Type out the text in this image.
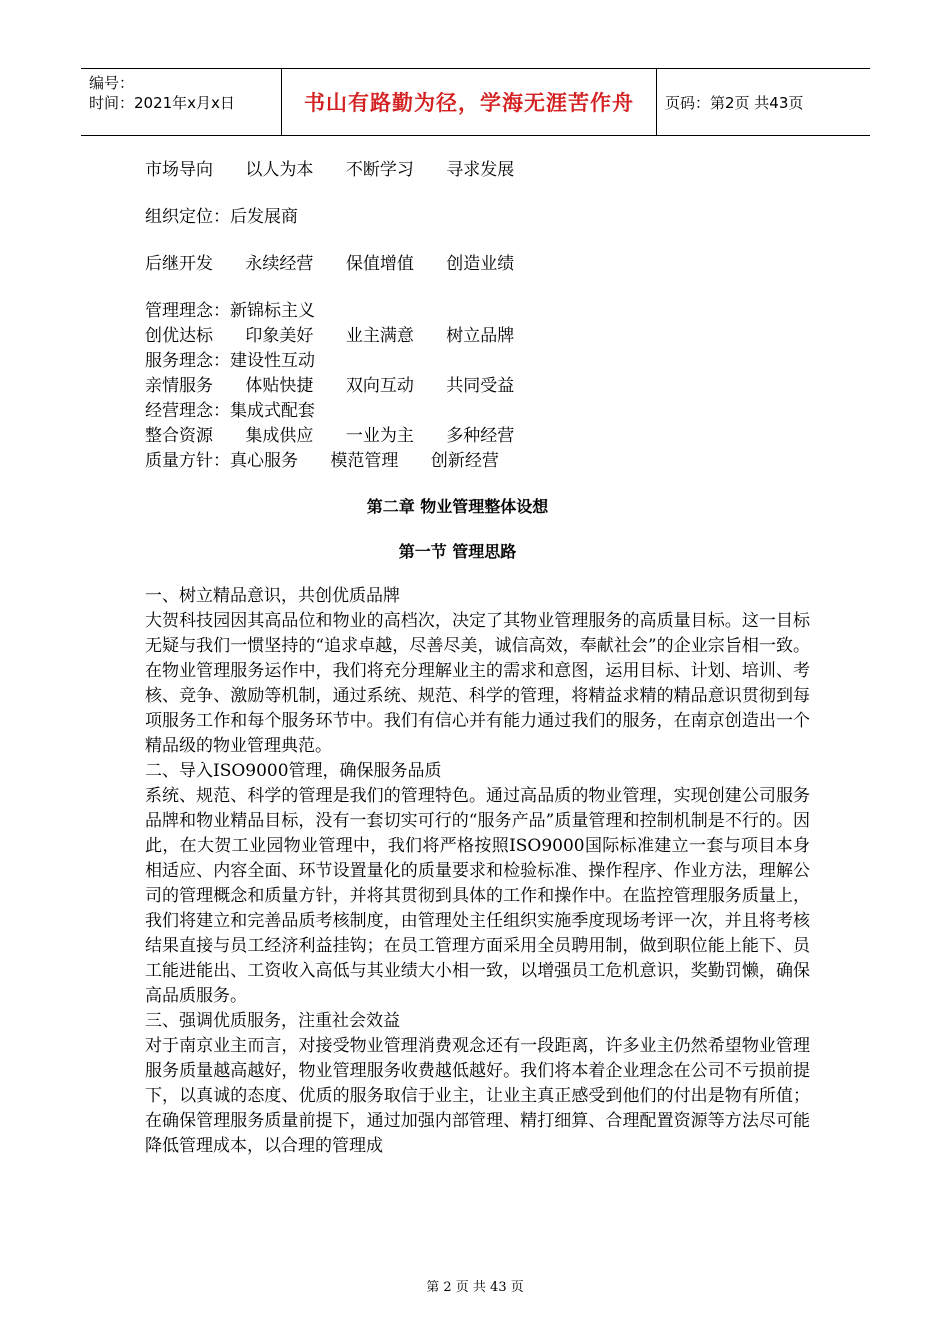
编号：
时间：2021年x月x日	书山有路勤为径，学海无涯苦作舟	页码：第2页 共43页
市场导向      以人为本      不断学习      寻求发展
组织定位：后发展商
后继开发      永续经营      保值增值      创造业绩
管理理念：新锦标主义
创优达标      印象美好      业主满意      树立品牌
服务理念：建设性互动
亲情服务      体贴快捷      双向互动      共同受益
经营理念：集成式配套
整合资源      集成供应      一业为主      多种经营
质量方针：真心服务      模范管理      创新经营
第二章 物业管理整体设想
第一节 管理思路
一、树立精品意识，共创优质品牌
大贺科技园因其高品位和物业的高档次，决定了其物业管理服务的高质量目标。这一目标无疑与我们一惯坚持的“追求卓越，尽善尽美，诚信高效，奉献社会”的企业宗旨相一致。在物业管理服务运作中，我们将充分理解业主的需求和意图，运用目标、计划、培训、考核、竞争、激励等机制，通过系统、规范、科学的管理，将精益求精的精品意识贯彻到每项服务工作和每个服务环节中。我们有信心并有能力通过我们的服务，在南京创造出一个精品级的物业管理典范。
二、导入ISO9000管理，确保服务品质
系统、规范、科学的管理是我们的管理特色。通过高品质的物业管理，实现创建公司服务品牌和物业精品目标，没有一套切实可行的“服务产品”质量管理和控制机制是不行的。因此，在大贺工业园物业管理中，我们将严格按照ISO9000国际标准建立一套与项目本身相适应、内容全面、环节设置量化的质量要求和检验标准、操作程序、作业方法，理解公司的管理概念和质量方针，并将其贯彻到具体的工作和操作中。在监控管理服务质量上，我们将建立和完善品质考核制度，由管理处主任组织实施季度现场考评一次，并且将考核结果直接与员工经济利益挂钩；在员工管理方面采用全员聘用制，做到职位能上能下、员工能进能出、工资收入高低与其业绩大小相一致，以增强员工危机意识，奖勤罚懒，确保高品质服务。
三、强调优质服务，注重社会效益
对于南京业主而言，对接受物业管理消费观念还有一段距离，许多业主仍然希望物业管理服务质量越高越好，物业管理服务收费越低越好。我们将本着企业理念在公司不亏损前提下，以真诚的态度、优质的服务取信于业主，让业主真正感受到他们的付出是物有所值；在确保管理服务质量前提下，通过加强内部管理、精打细算、合理配置资源等方法尽可能降低管理成本，以合理的管理成
第 2 页 共 43 页
